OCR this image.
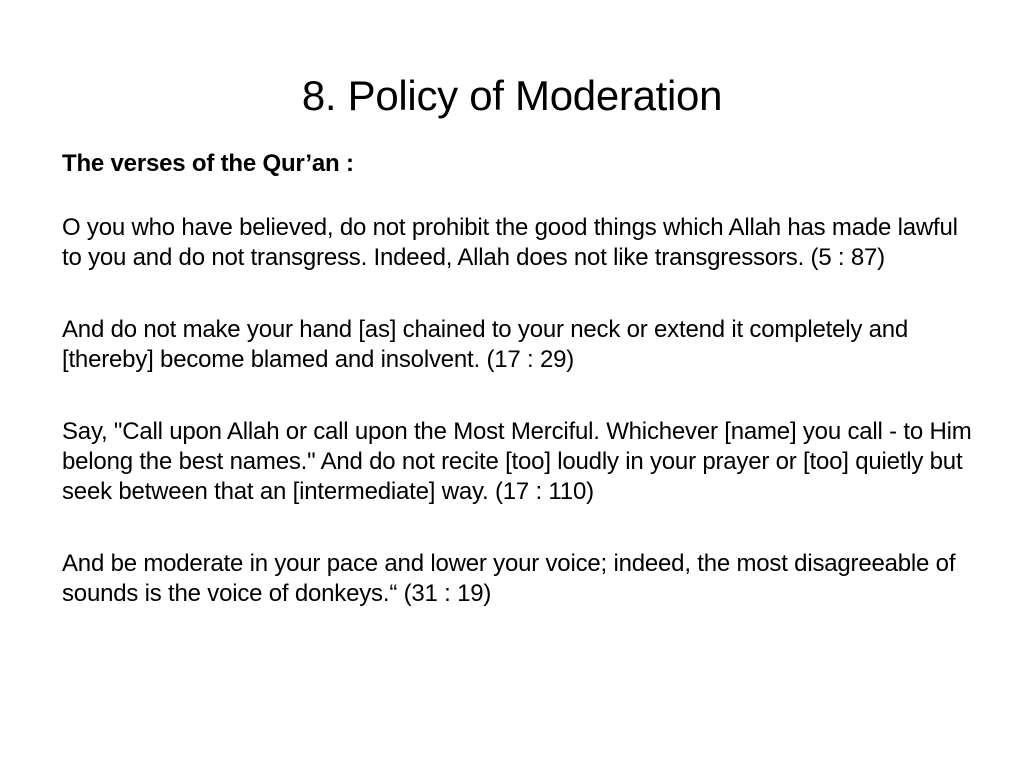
8. Policy of Moderation

The verses of the Qur’an :

O you who have believed, do not prohibit the good things which Allah has made lawful to you and do not transgress. Indeed, Allah does not like transgressors. (5 : 87)

And do not make your hand [as] chained to your neck or extend it completely and [thereby] become blamed and insolvent. (17 : 29)

Say, "Call upon Allah or call upon the Most Merciful. Whichever [name] you call - to Him belong the best names." And do not recite [too] loudly in your prayer or [too] quietly but seek between that an [intermediate] way. (17 : 110)

And be moderate in your pace and lower your voice; indeed, the most disagreeable of sounds is the voice of donkeys.“ (31 : 19)
